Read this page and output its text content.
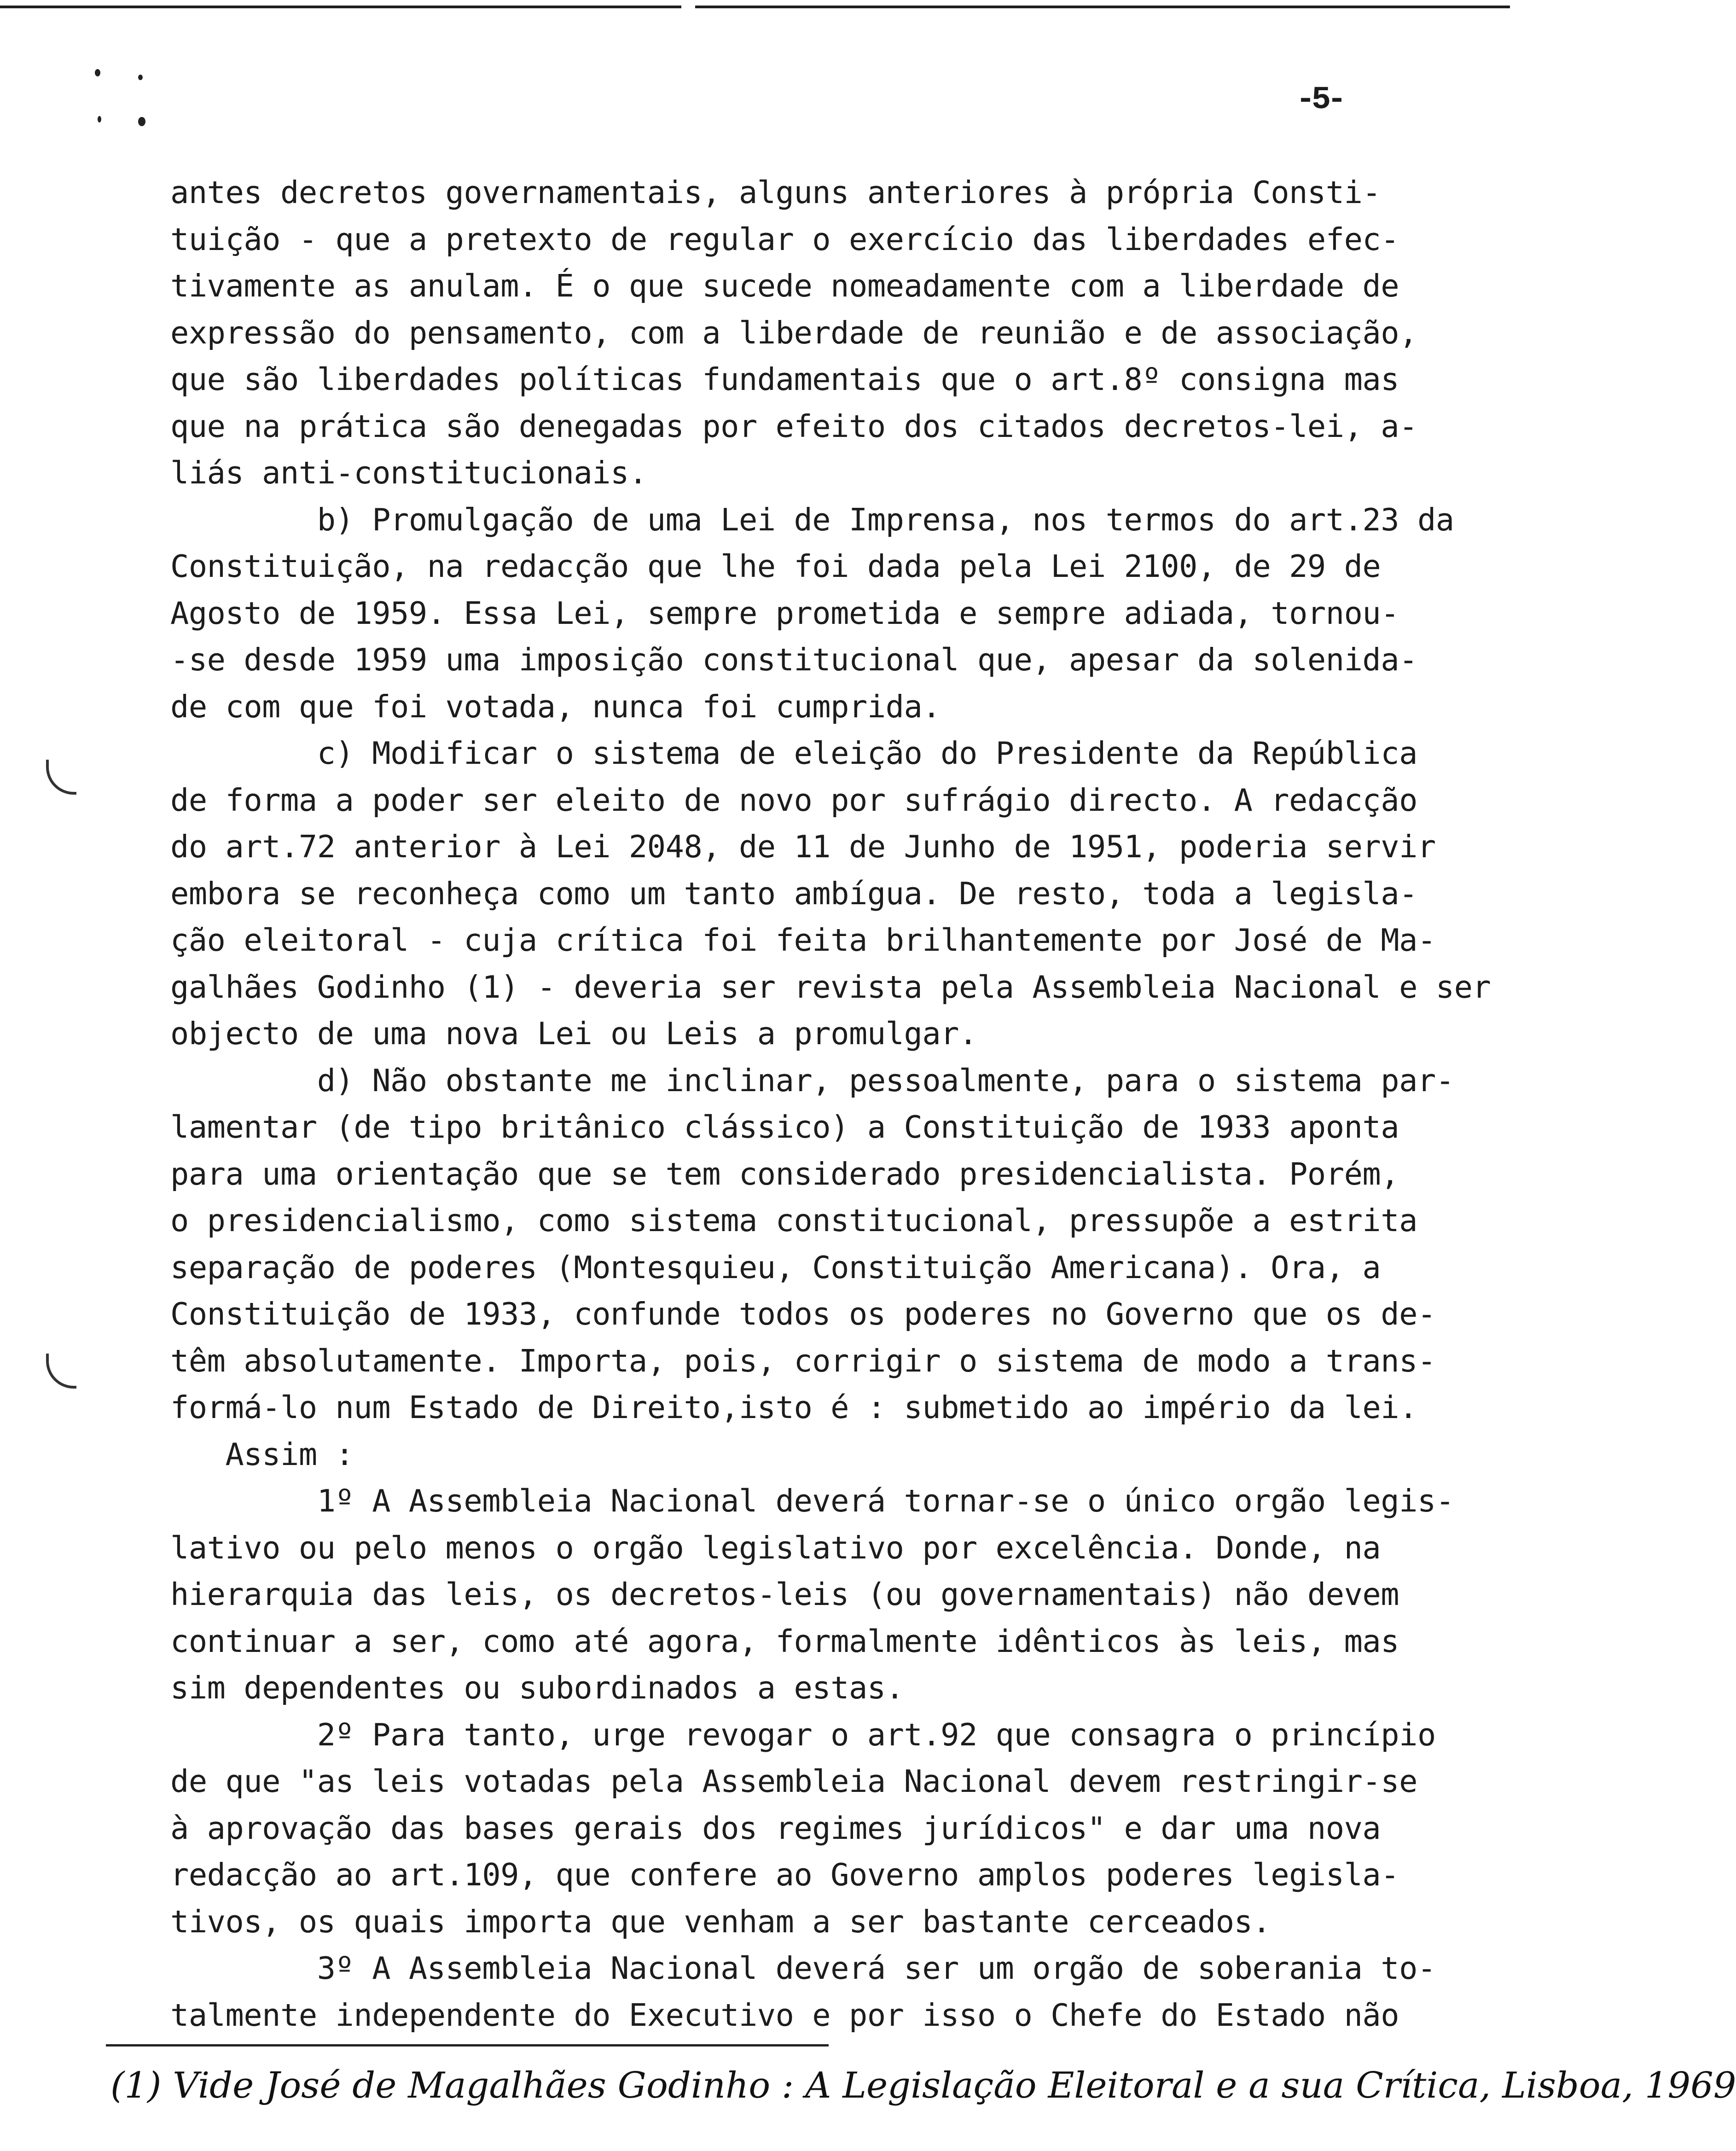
-5-
antes decretos governamentais, alguns anteriores à própria Consti-
tuição - que a pretexto de regular o exercício das liberdades efec-
tivamente as anulam. É o que sucede nomeadamente com a liberdade de
expressão do pensamento, com a liberdade de reunião e de associação,
que são liberdades políticas fundamentais que o art.8º consigna mas
que na prática são denegadas por efeito dos citados decretos-lei, a-
liás anti-constitucionais.
b) Promulgação de uma Lei de Imprensa, nos termos do art.23 da
Constituição, na redacção que lhe foi dada pela Lei 2100, de 29 de
Agosto de 1959. Essa Lei, sempre prometida e sempre adiada, tornou-
-se desde 1959 uma imposição constitucional que, apesar da solenida-
de com que foi votada, nunca foi cumprida.
c) Modificar o sistema de eleição do Presidente da República
de forma a poder ser eleito de novo por sufrágio directo. A redacção
do art.72 anterior à Lei 2048, de 11 de Junho de 1951, poderia servir
embora se reconheça como um tanto ambígua. De resto, toda a legisla-
ção eleitoral - cuja crítica foi feita brilhantemente por José de Ma-
galhães Godinho (1) - deveria ser revista pela Assembleia Nacional e ser
objecto de uma nova Lei ou Leis a promulgar.
d) Não obstante me inclinar, pessoalmente, para o sistema par-
lamentar (de tipo britânico clássico) a Constituição de 1933 aponta
para uma orientação que se tem considerado presidencialista. Porém,
o presidencialismo, como sistema constitucional, pressupõe a estrita
separação de poderes (Montesquieu, Constituição Americana). Ora, a
Constituição de 1933, confunde todos os poderes no Governo que os de-
têm absolutamente. Importa, pois, corrigir o sistema de modo a trans-
formá-lo num Estado de Direito,isto é : submetido ao império da lei.
Assim :
1º A Assembleia Nacional deverá tornar-se o único orgão legis-
lativo ou pelo menos o orgão legislativo por excelência. Donde, na
hierarquia das leis, os decretos-leis (ou governamentais) não devem
continuar a ser, como até agora, formalmente idênticos às leis, mas
sim dependentes ou subordinados a estas.
2º Para tanto, urge revogar o art.92 que consagra o princípio
de que "as leis votadas pela Assembleia Nacional devem restringir-se
à aprovação das bases gerais dos regimes jurídicos" e dar uma nova
redacção ao art.109, que confere ao Governo amplos poderes legisla-
tivos, os quais importa que venham a ser bastante cerceados.
3º A Assembleia Nacional deverá ser um orgão de soberania to-
talmente independente do Executivo e por isso o Chefe do Estado não
(1) Vide José de Magalhães Godinho : A Legislação Eleitoral e a sua Crítica, Lisboa, 1969
